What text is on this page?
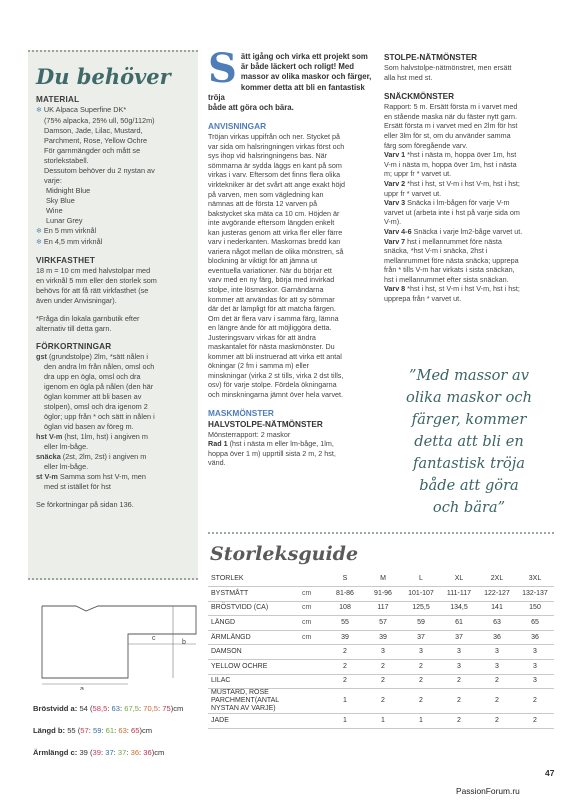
Du behöver
MATERIAL
❄ UK Alpaca Superfine DK*
(75% alpacka, 25% ull, 50g/112m)
Damson, Jade, Lilac, Mustard,
Parchment, Rose, Yellow Ochre
För garnmängder och mått se
storlekstabell.
Dessutom behöver du 2 nystan av
varje:
Midnight Blue
Sky Blue
Wine
Lunar Grey
❄ En 5 mm virknål
❄ En 4,5 mm virknål
VIRKFASTHET
18 m = 10 cm med halvstolpar med
en virknål 5 mm eller den storlek som
behövs för att få rätt virkfasthet (se
även under Anvisningar).
*Fråga din lokala garnbutik efter
alternativ till detta garn.
FÖRKORTNINGAR
gst (grundstolpe) 2lm, *sätt nålen i
den andra lm från nålen, omsl och
dra upp en ögla, omsl och dra
igenom en ögla på nålen (den här
öglan kommer att bli basen av
stolpen), omsl och dra igenom 2
öglor; upp från * och sätt in nålen i
öglan vid basen av föreg m.
hst V-m (hst, 1lm, hst) i angiven m
eller lm-båge.
snäcka (2st, 2lm, 2st) i angiven m
eller lm-båge.
st V-m Samma som hst V-m, men
med st istället för hst
Se förkortningar på sidan 136.
a
b
c
Bröstvidd a: 54 (58,5: 63: 67,5: 70,5: 75)cm
Längd b: 55 (57: 59: 61: 63: 65)cm
Ärmlängd c: 39 (39: 37: 37: 36: 36)cm
S ätt igång och virka ett projekt som
är både läckert och roligt! Med
massor av olika maskor och färger,
kommer detta att bli en fantastisk tröja
både att göra och bära.
ANVISNINGAR
Tröjan virkas uppifrån och ner. Stycket på
var sida om halsringningen virkas först och
sys ihop vid halsringningens bas. När
sömmarna är sydda läggs en kant på som
virkas i varv. Eftersom det finns flera olika
virktekniker är det svårt att ange exakt höjd
på varven, men som vägledning kan
nämnas att de första 12 varven på
bakstycket ska mäta ca 10 cm. Höjden är
inte avgörande eftersom längden enkelt
kan justeras genom att virka fler eller färre
varv i nederkanten. Maskornas bredd kan
variera något mellan de olika mönstren, så
blockning är viktigt för att jämna ut
eventuella variationer. När du börjar ett
varv med en ny färg, börja med invirkad
stolpe, inte lösmaskor. Garnändarna
kommer att användas för att sy sömmar
där det är lämpligt för att matcha färgen.
Om det är flera varv i samma färg, lämna
en längre ände för att möjliggöra detta.
Justeringsvarv virkas för att ändra
maskantalet för nästa maskmönster. Du
kommer att bli instruerad att virka ett antal
ökningar (2 fm i samma m) eller
minskningar (virka 2 st tills, virka 2 dst tills,
osv) för varje stolpe. Fördela ökningarna
och minskningarna jämnt över hela varvet.
MASKMÖNSTER
HALVSTOLPE-NÄTMÖNSTER
Mönsterrapport: 2 maskor
Rad 1 (hst i nästa m eller lm-båge, 1lm,
hoppa över 1 m) upprtill sista 2 m, 2 hst,
vänd.
STOLPE-NÄTMÖNSTER
Som halvstolpe-nätmönstret, men ersätt
alla hst med st.
SNÄCKMÖNSTER
Rapport: 5 m. Ersätt första m i varvet med
en stående maska när du fäster nytt garn.
Ersätt första m i varvet med en 2lm för hst
eller 3lm för st, om du använder samma
färg som föregående varv.
Varv 1 *hst i nästa m, hoppa över 1m, hst
V-m i nästa m, hoppa över 1m, hst i nästa
m; uppr fr * varvet ut.
Varv 2 *hst i hst, st V-m i hst V-m, hst i hst;
uppr fr * varvet ut.
Varv 3 Snäcka i lm-bågen för varje V-m
varvet ut (arbeta inte i hst på varje sida om
V-m).
Varv 4-6 Snäcka i varje lm2-båge varvet ut.
Varv 7 hst i mellanrummet före nästa
snäcka, *hst V-m i snäcka, 2hst i
mellanrummet före nästa snäcka; upprepa
från * tills V-m har virkats i sista snäckan,
hst i mellanrummet efter sista snäckan.
Varv 8 *hst i hst, st V-m i hst V-m, hst i hst;
upprepa från * varvet ut.
”Med massor av
olika maskor och
färger, kommer
detta att bli en
fantastisk tröja
både att göra
och bära”
Storleksguide
STORLEK		S	M	L	XL	2XL	3XL
BYSTMÅTT	cm	81-86	91-96	101-107	111-117	122-127	132-137
BRÖSTVIDD (CA)	cm	108	117	125,5	134,5	141	150
LÄNGD	cm	55	57	59	61	63	65
ÄRMLÄNGD	cm	39	39	37	37	36	36
DAMSON		2	3	3	3	3	3
YELLOW OCHRE		2	2	2	3	3	3
LILAC		2	2	2	2	2	3
MUSTARD, ROSE PARCHMENT(ANTAL NYSTAN AV VARJE)		1	2	2	2	2	2
JADE		1	1	1	2	2	2
47
PassionForum.ru
